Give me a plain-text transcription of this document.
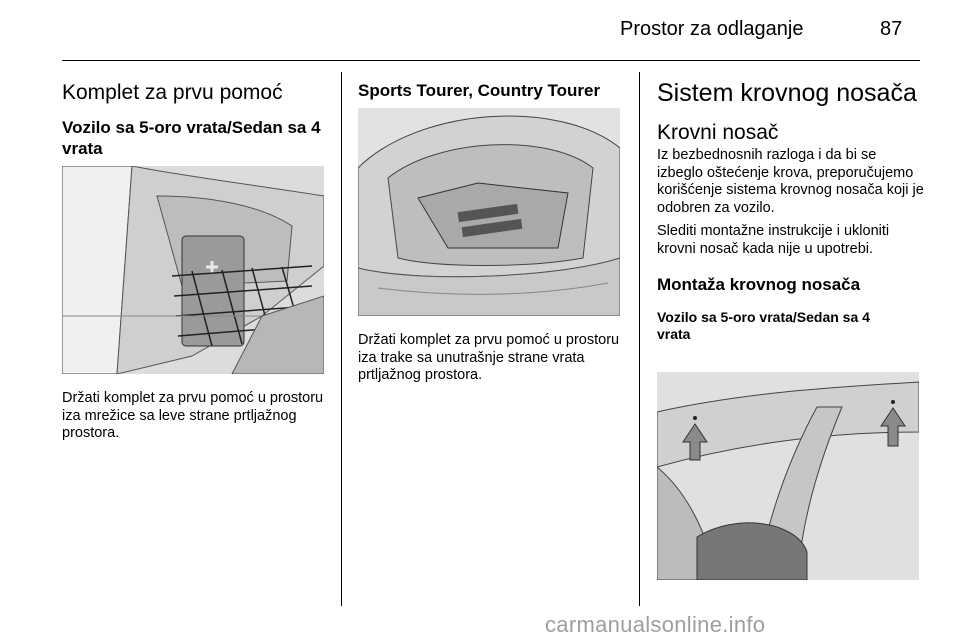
Prostor za odlaganje	87
Komplet za prvu pomoć
Vozilo sa 5-oro vrata/Sedan sa 4 vrata

Držati komplet za prvu pomoć u prostoru iza mrežice sa leve strane prtljažnog prostora.

Sports Tourer, Country Tourer

Držati komplet za prvu pomoć u prostoru iza trake sa unutrašnje strane vrata prtljažnog prostora.

Sistem krovnog nosača
Krovni nosač

Iz bezbednosnih razloga i da bi se izbeglo oštećenje krova, preporučujemo korišćenje sistema krovnog nosača koji je odobren za vozilo.

Slediti montažne instrukcije i ukloniti krovni nosač kada nije u upotrebi.

Montaža krovnog nosača
Vozilo sa 5-oro vrata/Sedan sa 4 vrata
carmanualsonline.info
